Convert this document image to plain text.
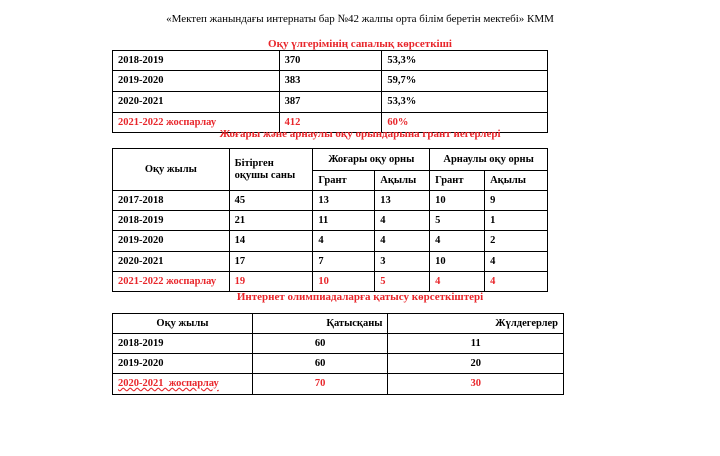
«Мектеп жанындағы интернаты бар №42 жалпы орта білім беретін мектебі» КММ
Оқу үлгерімінің сапалық көрсеткіші
2018-2019	370	53,3%
2019-2020	383	59,7%
2020-2021	387	53,3%
2021-2022 жоспарлау	412	60%
Жоғары және арнаулы оқу орындарына грант иегерлері
Оқу жылы	Бітірген оқушы саны	Жоғары оқу орны		Арнаулы оқу орны	
		Грант	Ақылы	Грант	Ақылы
2017-2018	45	13	13	10	9
2018-2019	21	11	4	5	1
2019-2020	14	4	4	4	2
2020-2021	17	7	3	10	4
2021-2022 жоспарлау	19	10	5	4	4
Интернет олимпиадаларға қатысу көрсеткіштері
Оқу жылы	Қатысқаны	Жүлдегерлер
2018-2019	60	11
2019-2020	60	20
2020-2021  жоспарлау	70	30
